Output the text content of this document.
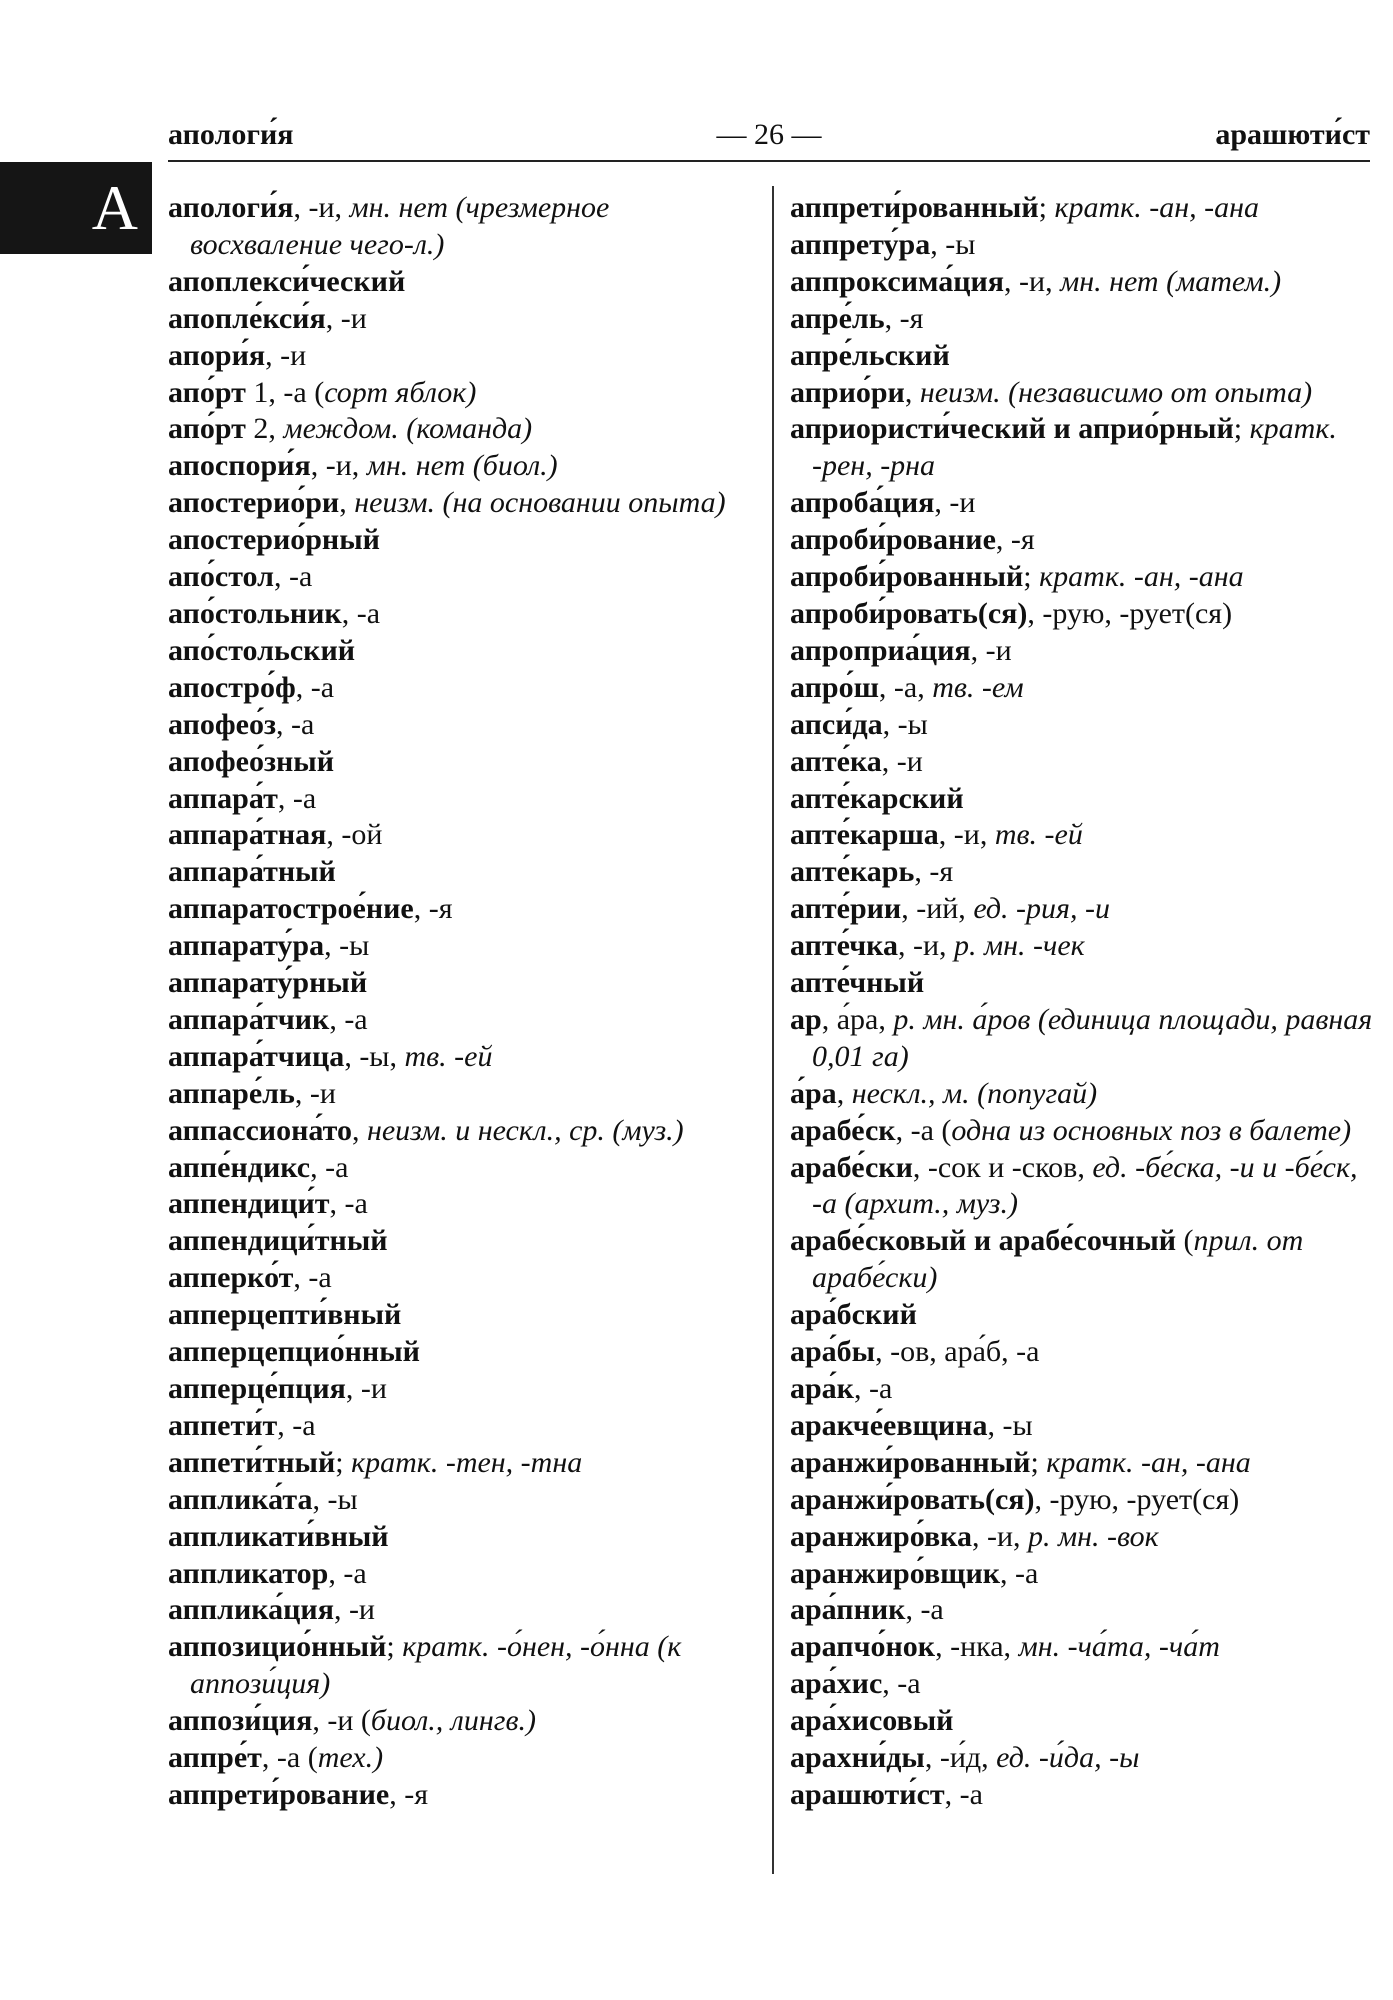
апологи́я	— 26 —	арашюти́ст
А апологи́я, -и, мн. нет (чрезмерное восхваление чего-л.)
апоплекси́ческий
апопле́кси́я, -и
апори́я, -и
апо́рт 1, -а (сорт яблок)
апо́рт 2, междом. (команда)
апоспори́я, -и, мн. нет (биол.)
апостерио́ри, неизм. (на основании опыта)
апостерио́рный
апо́стол, -а
апо́стольник, -а
апо́стольский
апостро́ф, -а
апофео́з, -а
апофео́зный
аппара́т, -а
аппара́тная, -ой
аппара́тный
аппаратострое́ние, -я
аппарату́ра, -ы
аппарату́рный
аппара́тчик, -а
аппара́тчица, -ы, тв. -ей
аппаре́ль, -и
аппассиона́то, неизм. и нескл., ср. (муз.)
аппе́ндикс, -а
аппендици́т, -а
аппендици́тный
апперко́т, -а
апперцепти́вный
апперцепцио́нный
апперце́пция, -и
аппети́т, -а
аппети́тный; кратк. -тен, -тна
апплика́та, -ы
аппликати́вный
аппликатор, -а
апплика́ция, -и
аппозицио́нный; кратк. -о́нен, -о́нна (к аппози́ция)
аппози́ция, -и (биол., лингв.)
аппре́т, -а (тех.)
аппрети́рование, -я
аппрети́рованный; кратк. -ан, -ана
аппрету́ра, -ы
аппроксима́ция, -и, мн. нет (матем.)
апре́ль, -я
апре́льский
априо́ри, неизм. (независимо от опыта)
априористи́ческий и априо́рный; кратк. -рен, -рна
апроба́ция, -и
апроби́рование, -я
апроби́рованный; кратк. -ан, -ана
апроби́ровать(ся), -рую, -рует(ся)
апроприа́ция, -и
апро́ш, -а, тв. -ем
апси́да, -ы
апте́ка, -и
апте́карский
апте́карша, -и, тв. -ей
апте́карь, -я
апте́рии, -ий, ед. -рия, -и
апте́чка, -и, р. мн. -чек
апте́чный
ар, а́ра, р. мн. а́ров (единица площади, равная 0,01 га)
а́ра, нескл., м. (попугай)
арабе́ск, -а (одна из основных поз в балете)
арабе́ски, -сок и -сков, ед. -бе́ска, -и и -бе́ск, -а (архит., муз.)
арабе́сковый и арабе́сочный (прил. от арабе́ски)
ара́бский
ара́бы, -ов, ара́б, -а
ара́к, -а
аракче́евщина, -ы
аранжи́рованный; кратк. -ан, -ана
аранжи́ровать(ся), -рую, -рует(ся)
аранжиро́вка, -и, р. мн. -вок
аранжиро́вщик, -а
ара́пник, -а
арапчо́нок, -нка, мн. -ча́та, -ча́т
ара́хис, -а
ара́хисовый
арахни́ды, -и́д, ед. -и́да, -ы
арашюти́ст, -а
